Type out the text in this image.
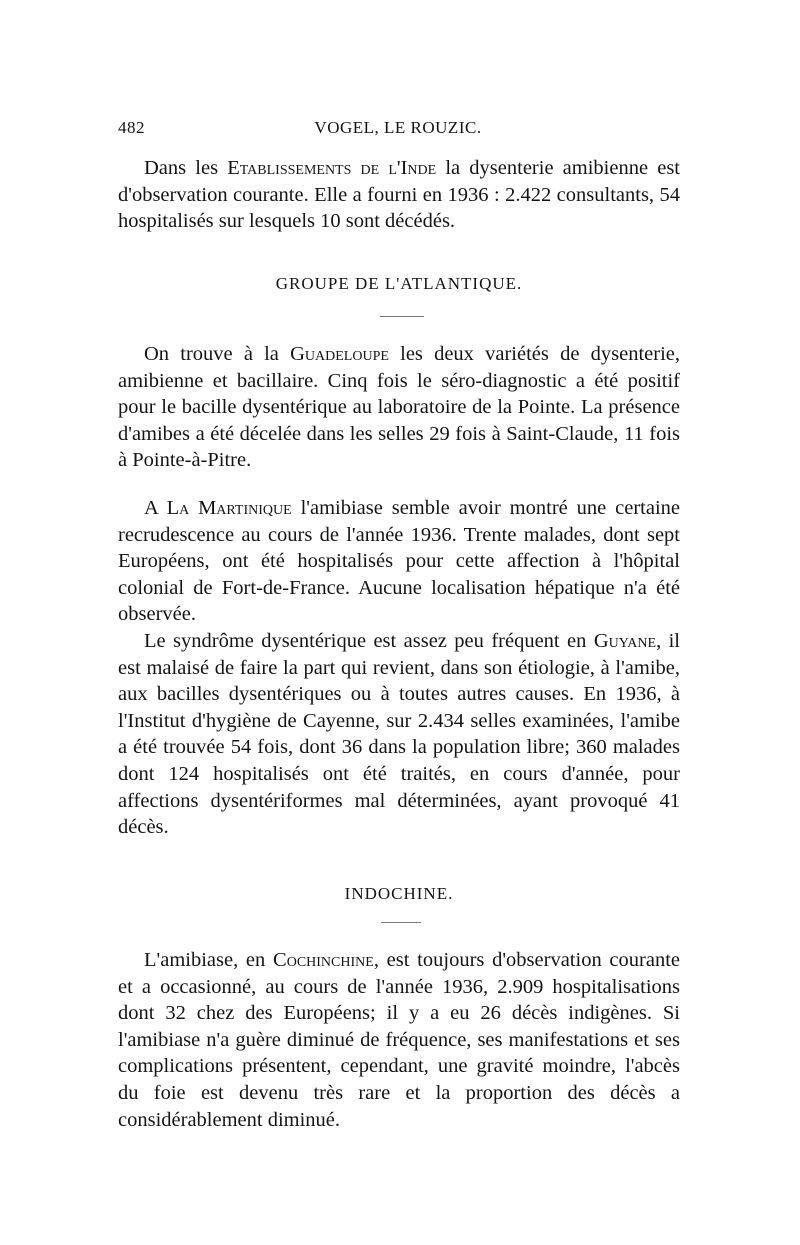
482	VOGEL, LE ROUZIC.

Dans les Etablissements de l'Inde la dysenterie amibienne est d'observation courante. Elle a fourni en 1936 : 2.422 consultants, 54 hospitalisés sur lesquels 10 sont décédés.

GROUPE DE L'ATLANTIQUE.

On trouve à la Guadeloupe les deux variétés de dysenterie, amibienne et bacillaire. Cinq fois le séro-diagnostic a été positif pour le bacille dysentérique au laboratoire de la Pointe. La présence d'amibes a été décelée dans les selles 29 fois à Saint-Claude, 11 fois à Pointe-à-Pitre.

A La Martinique l'amibiase semble avoir montré une certaine recrudescence au cours de l'année 1936. Trente malades, dont sept Européens, ont été hospitalisés pour cette affection à l'hôpital colonial de Fort-de-France. Aucune localisation hépatique n'a été observée.

Le syndrôme dysentérique est assez peu fréquent en Guyane, il est malaisé de faire la part qui revient, dans son étiologie, à l'amibe, aux bacilles dysentériques ou à toutes autres causes. En 1936, à l'Institut d'hygiène de Cayenne, sur 2.434 selles examinées, l'amibe a été trouvée 54 fois, dont 36 dans la population libre; 360 malades dont 124 hospitalisés ont été traités, en cours d'année, pour affections dysentériformes mal déterminées, ayant provoqué 41 décès.

INDOCHINE.

L'amibiase, en Cochinchine, est toujours d'observation courante et a occasionné, au cours de l'année 1936, 2.909 hospitalisations dont 32 chez des Européens; il y a eu 26 décès indigènes. Si l'amibiase n'a guère diminué de fréquence, ses manifestations et ses complications présentent, cependant, une gravité moindre, l'abcès du foie est devenu très rare et la proportion des décès a considérablement diminué.
